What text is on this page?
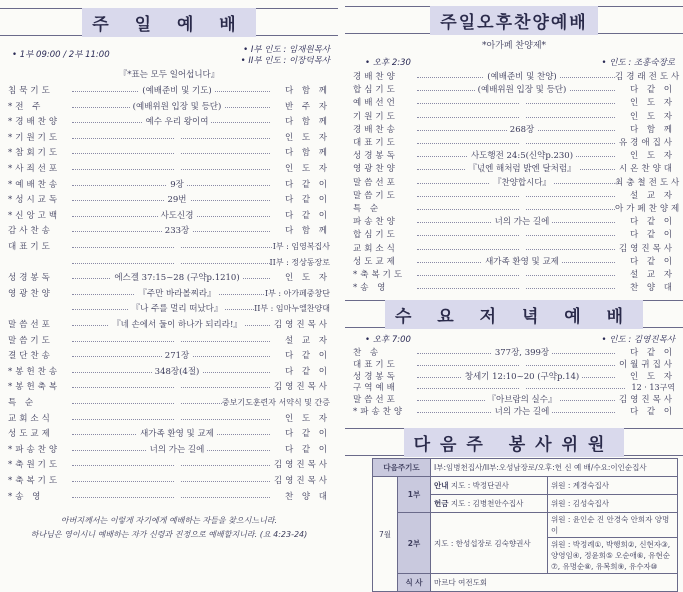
주 일 예 배
• 1부 09:00 / 2부 11:00	• I부 인도 : 임재원목사
• II부 인도 : 이장덕목사
『*표는 모두 일어섭니다』
침묵기도	(예배준비 및 기도)	다 함 께
*전 주	(예배위원 입장 및 등단)	반 주 자
*경배찬양	예수 우리 왕이여	다 함 께
*기원기도	인 도 자
*참회기도	다 함 께
*사죄선포	인 도 자
*예배찬송	9장	다 같 이
*성시교독	29번	다 같 이
*신앙고백	사도신경	다 같 이
감사찬송	233장	다 함 께
대표기도	I부 : 임영복집사
II부 : 정상동장로
성경봉독	에스겔 37:15~28 (구약p.1210)	인 도 자
영광찬양	『주만 바라볼찌라』	I부 : 아가페중창단
『나 주를 멀리 떠났다』	II부 : 임마누엘찬양대
말씀선포	『네 손에서 둘이 하나가 되리라!』	김영진목사
말씀기도	설 교 자
결단찬송	271장	다 같 이
*봉헌찬송	348장(4절)	다 같 이
*봉헌축복	김영진목사
특 순	중보기도훈련자 서약식 및 간증
교회소식	인 도 자
성도교제	새가족 환영 및 교제	다 같 이
*파송찬양	너의 가는 길에	다 같 이
*축원기도	김영진목사
*축복기도	김영진목사
*송 영	찬 양 대
아버지께서는 이렇게 자기에게 예배하는 자들을 찾으시느니라.
하나님은 영이시니 예배하는 자가 신령과 진정으로 예배할지니라. (요 4:23-24)
주일오후찬양예배
*아가페 찬양제*
• 오후 2:30	• 인도 : 조홍숙장로
경배찬양	(예배준비 및 찬양)	김경래전도사
합심기도	(예배위원 입장 및 등단)	다 같 이
예배선언	인 도 자
기원기도	인 도 자
경배찬송	268장	다 함 께
대표기도	유경애집사
성경봉독	사도행전 24:5(신약p.230)	인 도 자
영광찬양	『넋엔 해처럼 밝엔 달처럼』	시온찬양대
말씀선포	『찬양합시다』	최충철전도사
말씀기도	설 교 자
특 순	아가페찬양제
파송찬양	너의 가는 길에	다 같 이
합심기도	다 같 이
교회소식	김영진목사
성도교제	새가족 환영 및 교제	다 같 이
*축복기도	설 교 자
*송 영	찬 양 대
수 요 저 녁 예 배
• 오후 7:00	• 인도 : 김영진목사
찬 송	377장, 399장	다 같 이
대표기도	이월귀집사
성경봉독	창세기 12:10~20 (구약p.14)	인 도 자
구역예배	12 · 13구역
말씀선포	『아브람의 실수』	김영진목사
*파송찬양	너의 가는 길에	다 같 이
다음주 봉사위원
다음주기도		I부:임병천집사/II부:오성남장로/오후:헌 신 예 배/수요:이인순집사	
7월	1부	안내 지도 : 박정단권사	위원 : 계경숙집사
		헌금 지도 : 김병천안수집사	위원 : 김성숙집사
	2부	지도 : 한성섭장로 김숙향권사	위원 : 윤인순 진 안경숙 안희자 양명이
			위원 : 박정례①, 박행희②, 신현자③, 양영임④, 정윤희⑤ 오순애⑥, 유현순⑦, 유명순⑧, 유복희⑨, 유수자⑩
	식 사	마르다 여전도회	
